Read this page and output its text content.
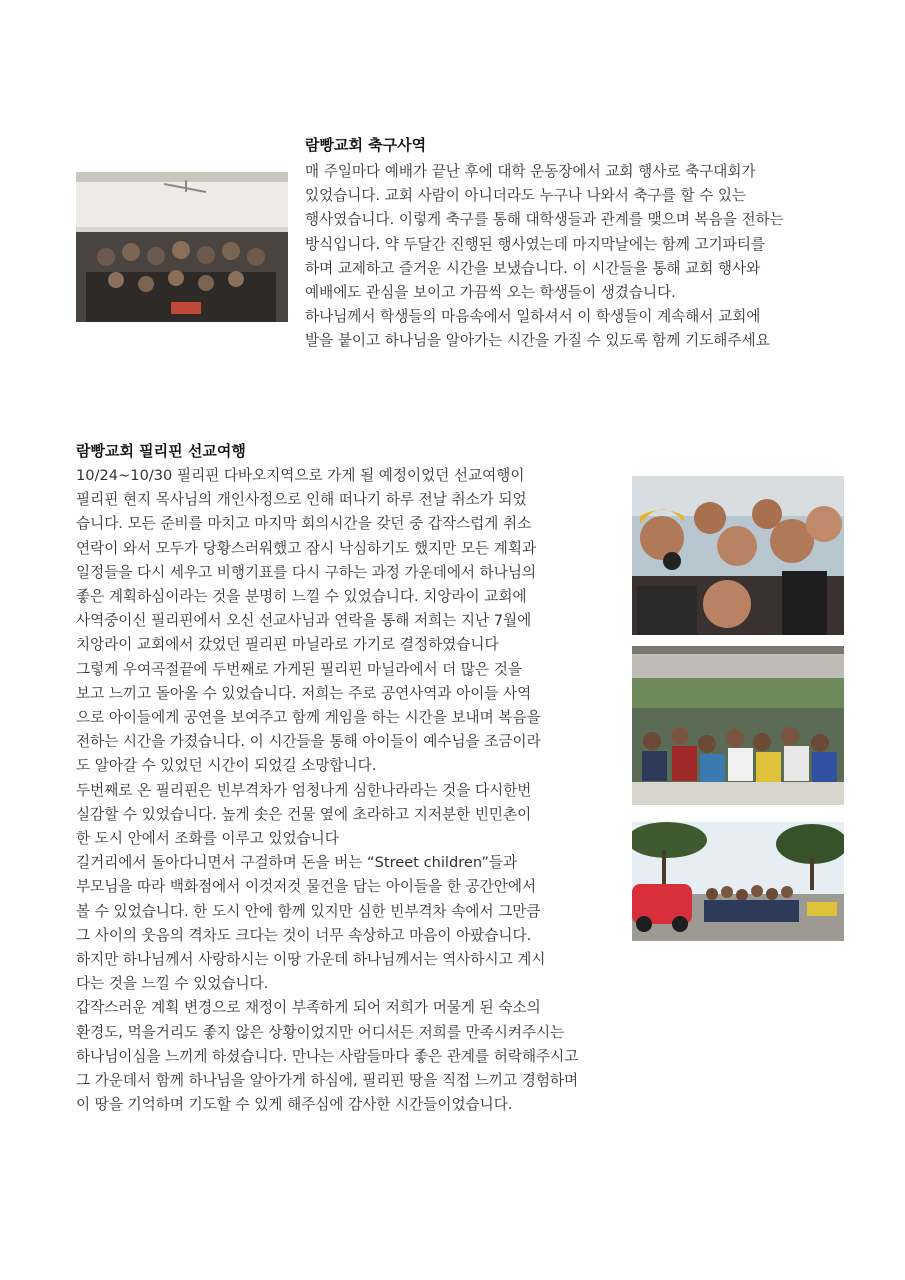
람빵교회 축구사역
매 주일마다 예배가 끝난 후에 대학 운동장에서 교회 행사로 축구대회가
있었습니다. 교회 사람이 아니더라도 누구나 나와서 축구를 할 수 있는
행사였습니다. 이렇게 축구를 통해 대학생들과 관계를 맺으며 복음을 전하는
방식입니다. 약 두달간 진행된 행사였는데 마지막날에는 함께 고기파티를
하며 교제하고 즐거운 시간을 보냈습니다. 이 시간들을 통해 교회 행사와
예배에도 관심을 보이고 가끔씩 오는 학생들이 생겼습니다.
하나님께서 학생들의 마음속에서 일하셔서 이 학생들이 계속해서 교회에
발을 붙이고 하나님을 알아가는 시간을 가질 수 있도록 함께 기도해주세요
람빵교회 필리핀 선교여행
10/24~10/30 필리핀 다바오지역으로 가게 될 예정이었던 선교여행이
필리핀 현지 목사님의 개인사정으로 인해 떠나기 하루 전날 취소가 되었
습니다. 모든 준비를 마치고 마지막 회의시간을 갖던 중 갑작스럽게 취소
연락이 와서 모두가 당황스러워했고 잠시 낙심하기도 했지만 모든 계획과
일정들을 다시 세우고 비행기표를 다시 구하는 과정 가운데에서 하나님의
좋은 계획하심이라는 것을 분명히 느낄 수 있었습니다. 치앙라이 교회에
사역중이신 필리핀에서 오신 선교사님과 연락을 통해 저희는 지난 7월에
치앙라이 교회에서 갔었던 필리핀 마닐라로 가기로 결정하였습니다
그렇게 우여곡절끝에 두번째로 가게된 필리핀 마닐라에서 더 많은 것을
보고 느끼고 돌아올 수 있었습니다. 저희는 주로 공연사역과 아이들 사역
으로 아이들에게 공연을 보여주고 함께 게임을 하는 시간을 보내며 복음을
전하는 시간을 가졌습니다. 이 시간들을 통해 아이들이 예수님을 조금이라
도 알아갈 수 있었던 시간이 되었길 소망합니다.
두번째로 온 필리핀은 빈부격차가 엄청나게 심한나라라는 것을 다시한번
실감할 수 있었습니다. 높게 솟은 건물 옆에 초라하고 지저분한 빈민촌이
한 도시 안에서 조화를 이루고 있었습니다
길거리에서 돌아다니면서 구걸하며 돈을 버는 “Street children”들과
부모님을 따라 백화점에서 이것저것 물건을 담는 아이들을 한 공간안에서
볼 수 있었습니다. 한 도시 안에 함께 있지만 심한 빈부격차 속에서 그만큼
그 사이의 웃음의 격차도 크다는 것이 너무 속상하고 마음이 아팠습니다.
하지만 하나님께서 사랑하시는 이땅 가운데 하나님께서는 역사하시고 계시
다는 것을 느낄 수 있었습니다.
갑작스러운 계획 변경으로 재정이 부족하게 되어 저희가 머물게 된 숙소의
환경도, 먹을거리도 좋지 않은 상황이었지만 어디서든 저희를 만족시켜주시는
하나님이심을 느끼게 하셨습니다. 만나는 사람들마다 좋은 관계를 허락해주시고
그 가운데서 함께 하나님을 알아가게 하심에, 필리핀 땅을 직접 느끼고 경험하며
이 땅을 기억하며 기도할 수 있게 해주심에 감사한 시간들이었습니다.
